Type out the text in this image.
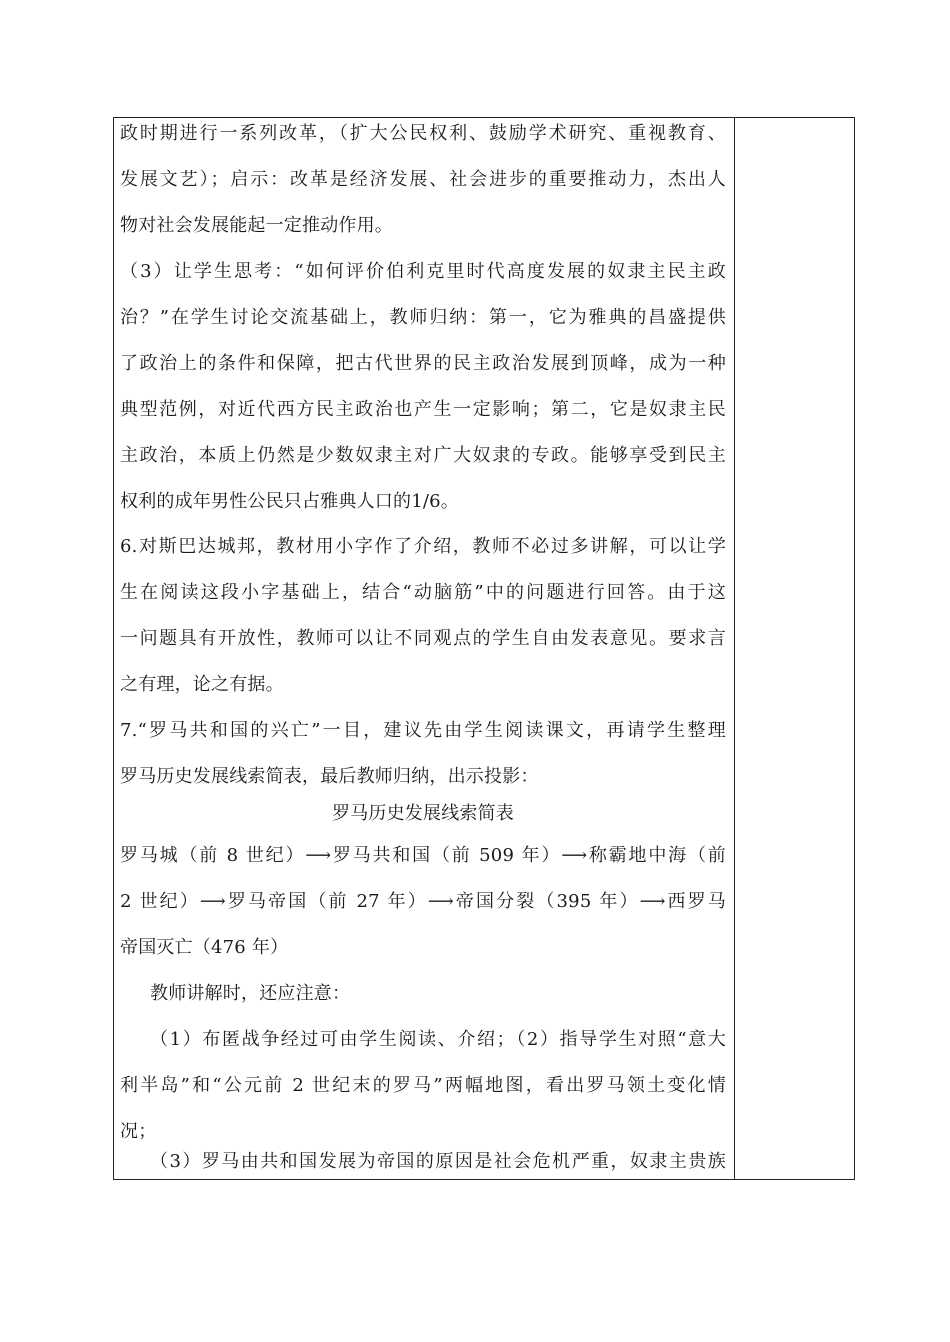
政时期进行一系列改革，（扩大公民权利、鼓励学术研究、重视教育、
发展文艺）；启示：改革是经济发展、社会进步的重要推动力，杰出人
物对社会发展能起一定推动作用。
（3）让学生思考：“如何评价伯利克里时代高度发展的奴隶主民主政
治？”在学生讨论交流基础上，教师归纳：第一，它为雅典的昌盛提供
了政治上的条件和保障，把古代世界的民主政治发展到顶峰，成为一种
典型范例，对近代西方民主政治也产生一定影响；第二，它是奴隶主民
主政治，本质上仍然是少数奴隶主对广大奴隶的专政。能够享受到民主
权利的成年男性公民只占雅典人口的1/6。
6.对斯巴达城邦，教材用小字作了介绍，教师不必过多讲解，可以让学
生在阅读这段小字基础上，结合“动脑筋”中的问题进行回答。由于这
一问题具有开放性，教师可以让不同观点的学生自由发表意见。要求言
之有理，论之有据。
7.“罗马共和国的兴亡”一目，建议先由学生阅读课文，再请学生整理
罗马历史发展线索简表，最后教师归纳，出示投影：
罗马历史发展线索简表
罗马城（前 8 世纪）⟶罗马共和国（前 509 年）⟶称霸地中海（前
2 世纪）⟶罗马帝国（前 27 年）⟶帝国分裂（395 年）⟶西罗马
帝国灭亡（476 年）
教师讲解时，还应注意：
（1）布匿战争经过可由学生阅读、介绍；（2）指导学生对照“意大
利半岛”和“公元前 2 世纪末的罗马”两幅地图，看出罗马领土变化情
况；
（3）罗马由共和国发展为帝国的原因是社会危机严重，奴隶主贵族
